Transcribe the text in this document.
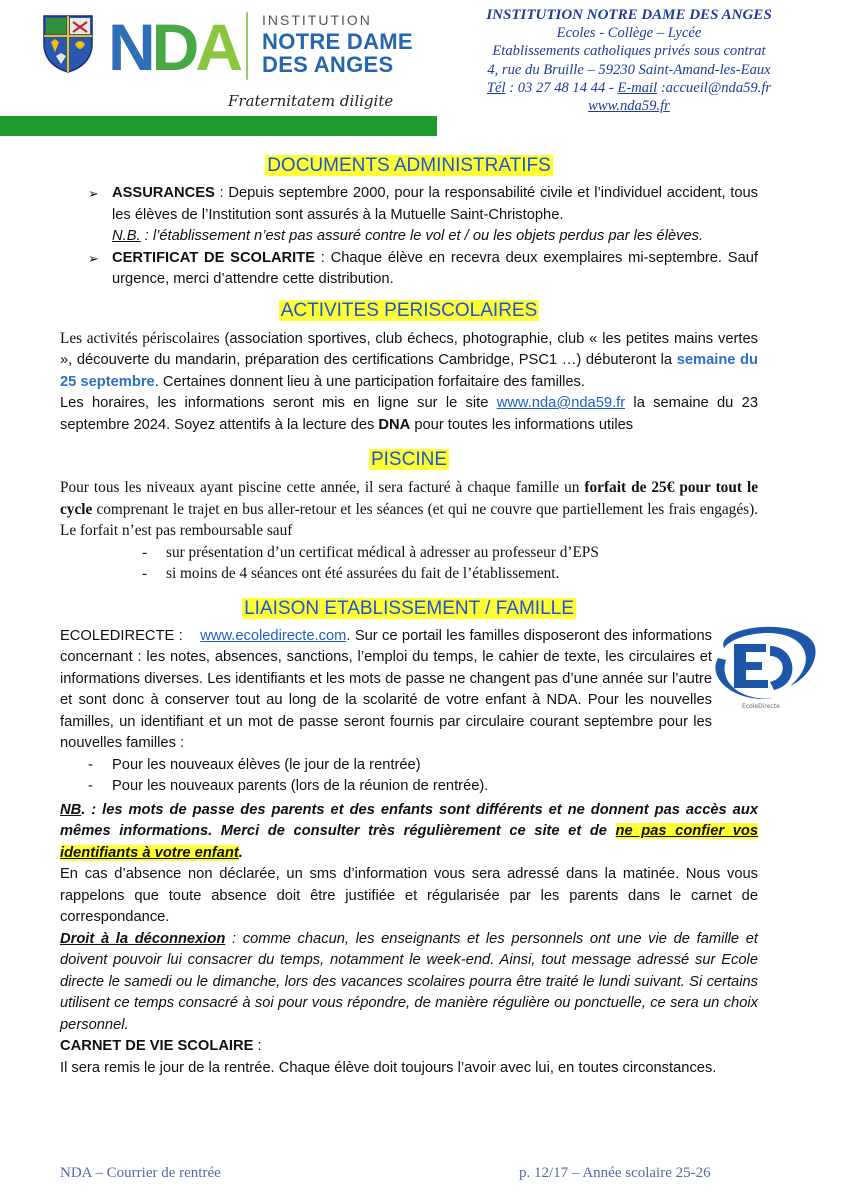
NDA INSTITUTION
NOTRE DAME
DES ANGES
Fraternitatem diligite
INSTITUTION NOTRE DAME DES ANGES
Ecoles - Collège – Lycée
Etablissements catholiques privés sous contrat
4, rue du Bruille – 59230 Saint-Amand-les-Eaux
Tél : 03 27 48 14 44 - E-mail :accueil@nda59.fr
www.nda59.fr
DOCUMENTS ADMINISTRATIFS
➢ ASSURANCES : Depuis septembre 2000, pour la responsabilité civile et l’individuel accident, tous les élèves de l’Institution sont assurés à la Mutuelle Saint-Christophe.
N.B. : l’établissement n’est pas assuré contre le vol et / ou les objets perdus par les élèves.
➢ CERTIFICAT DE SCOLARITE : Chaque élève en recevra deux exemplaires mi-septembre. Sauf urgence, merci d’attendre cette distribution.
ACTIVITES PERISCOLAIRES

Les activités périscolaires (association sportives, club échecs, photographie, club « les petites mains vertes », découverte du mandarin, préparation des certifications Cambridge, PSC1 …) débuteront la semaine du 25 septembre. Certaines donnent lieu à une participation forfaitaire des familles.

Les horaires, les informations seront mis en ligne sur le site www.nda@nda59.fr la semaine du 23 septembre 2024. Soyez attentifs à la lecture des DNA pour toutes les informations utiles

PISCINE

Pour tous les niveaux ayant piscine cette année, il sera facturé à chaque famille un forfait de 25€ pour tout le cycle comprenant le trajet en bus aller-retour et les séances (et qui ne couvre que partiellement les frais engagés). Le forfait n’est pas remboursable sauf

- sur présentation d’un certificat médical à adresser au professeur d’EPS
- si moins de 4 séances ont été assurées du fait de l’établissement.
LIAISON ETABLISSEMENT / FAMILLE

ECOLEDIRECTE :    www.ecoledirecte.com. Sur ce portail les familles disposeront des informations concernant : les notes, absences, sanctions, l’emploi du temps, le cahier de texte, les circulaires et informations diverses. Les identifiants et les mots de passe ne changent pas d’une année sur l’autre et sont donc à conserver tout au long de la scolarité de votre enfant à NDA. Pour les nouvelles familles, un identifiant et un mot de passe seront fournis par circulaire courant septembre pour les nouvelles familles :

EcoleDirecte
- Pour les nouveaux élèves (le jour de la rentrée)
- Pour les nouveaux parents (lors de la réunion de rentrée).

NB. : les mots de passe des parents et des enfants sont différents et ne donnent pas accès aux mêmes informations. Merci de consulter très régulièrement ce site et de ne pas confier vos identifiants à votre enfant.

En cas d’absence non déclarée, un sms d’information vous sera adressé dans la matinée. Nous vous rappelons que toute absence doit être justifiée et régularisée par les parents dans le carnet de correspondance.

Droit à la déconnexion : comme chacun, les enseignants et les personnels ont une vie de famille et doivent pouvoir lui consacrer du temps, notamment le week-end. Ainsi, tout message adressé sur Ecole directe le samedi ou le dimanche, lors des vacances scolaires pourra être traité le lundi suivant. Si certains utilisent ce temps consacré à soi pour vous répondre, de manière régulière ou ponctuelle, ce sera un choix personnel.

CARNET DE VIE SCOLAIRE :

Il sera remis le jour de la rentrée. Chaque élève doit toujours l’avoir avec lui, en toutes circonstances.

NDA – Courrier de rentrée	p. 12/17 – Année scolaire 25-26
